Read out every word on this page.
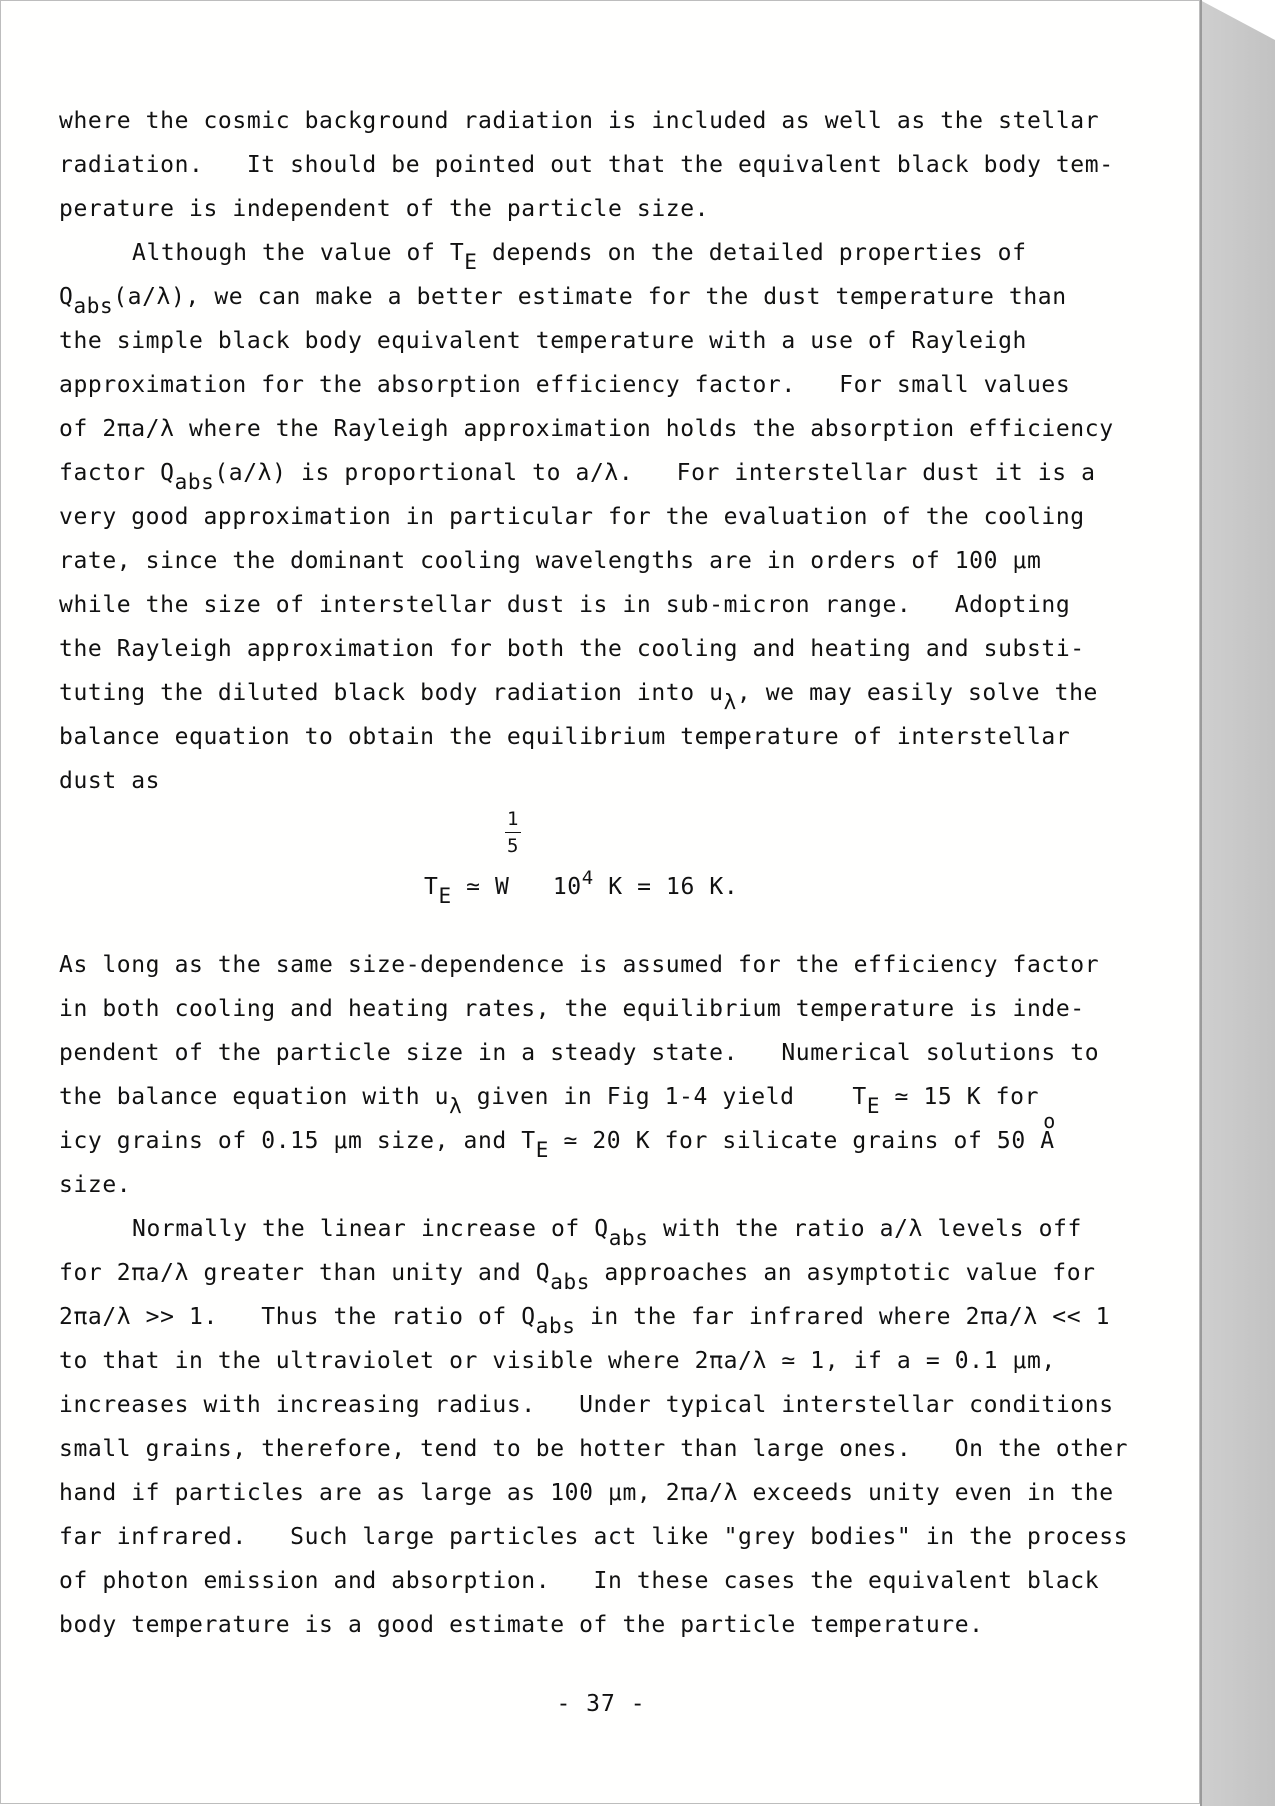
where the cosmic background radiation is included as well as the stellar
radiation.   It should be pointed out that the equivalent black body tem-
perature is independent of the particle size.
Although the value of $T_E$ depends on the detailed properties of
$Q_{abs}(a/\lambda)$, we can make a better estimate for the dust temperature than
the simple black body equivalent temperature with a use of Rayleigh
approximation for the absorption efficiency factor.   For small values
of 2πa/λ where the Rayleigh approximation holds the absorption efficiency
factor $Q_{abs}(a/\lambda)$ is proportional to a/λ.   For interstellar dust it is a
very good approximation in particular for the evaluation of the cooling
rate, since the dominant cooling wavelengths are in orders of 100 μm
while the size of interstellar dust is in sub-micron range.   Adopting
the Rayleigh approximation for both the cooling and heating and substi-
tuting the diluted black body radiation into $u_\lambda$, we may easily solve the
balance equation to obtain the equilibrium temperature of interstellar
dust as
1
5
$T_E$ ≃ W   $10^4$ K = 16 K.
As long as the same size-dependence is assumed for the efficiency factor
in both cooling and heating rates, the equilibrium temperature is inde-
pendent of the particle size in a steady state.   Numerical solutions to
the balance equation with $u_\lambda$ given in Fig 1-4 yield    $T_E$ ≃ 15 K for
icy grains of 0.15 μm size, and $T_E$ ≃ 20 K for silicate grains of 50
o
A
size.
Normally the linear increase of $Q_{abs}$ with the ratio a/λ levels off
for 2πa/λ greater than unity and $Q_{abs}$ approaches an asymptotic value for
2πa/λ >> 1.   Thus the ratio of $Q_{abs}$ in the far infrared where 2πa/λ << 1
to that in the ultraviolet or visible where 2πa/λ ≃ 1, if a = 0.1 μm,
increases with increasing radius.   Under typical interstellar conditions
small grains, therefore, tend to be hotter than large ones.   On the other
hand if particles are as large as 100 μm, 2πa/λ exceeds unity even in the
far infrared.   Such large particles act like "grey bodies" in the process
of photon emission and absorption.   In these cases the equivalent black
body temperature is a good estimate of the particle temperature.
- 37 -
